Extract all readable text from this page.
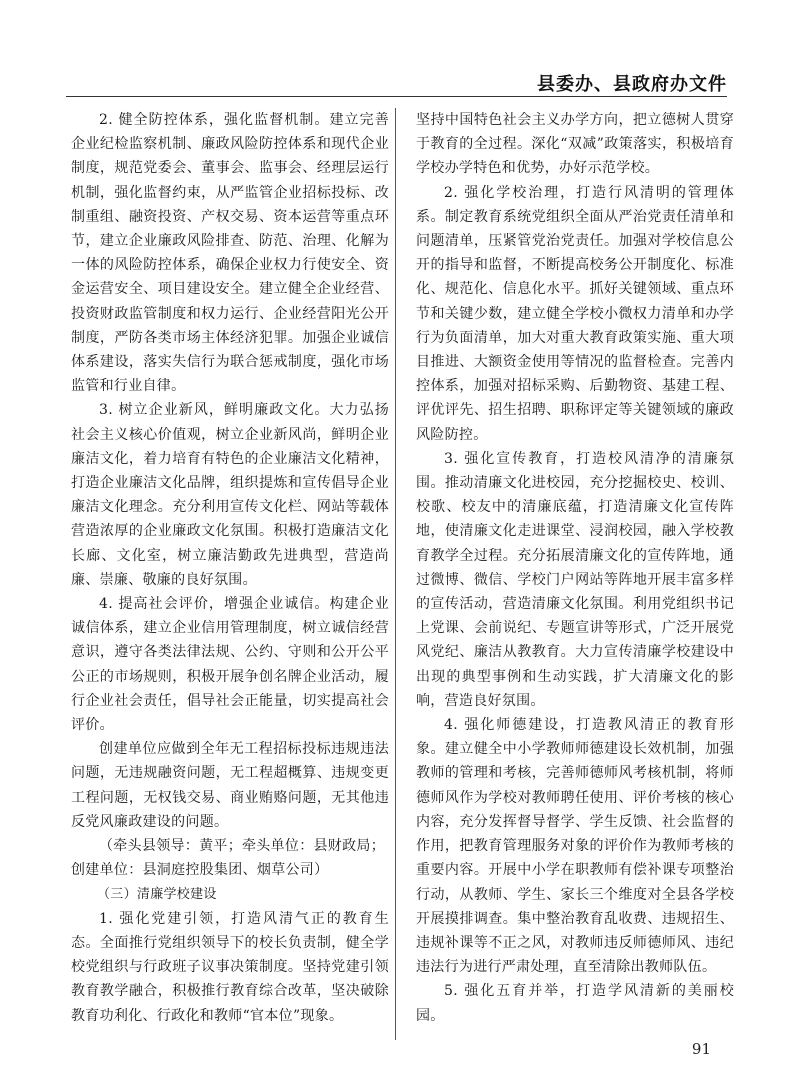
县委办、县政府办文件

2. 健全防控体系，强化监督机制。建立完善企业纪检监察机制、廉政风险防控体系和现代企业制度，规范党委会、董事会、监事会、经理层运行机制，强化监督约束，从严监管企业招标投标、改制重组、融资投资、产权交易、资本运营等重点环节，建立企业廉政风险排查、防范、治理、化解为一体的风险防控体系，确保企业权力行使安全、资金运营安全、项目建设安全。建立健全企业经营、投资财政监管制度和权力运行、企业经营阳光公开制度，严防各类市场主体经济犯罪。加强企业诚信体系建设，落实失信行为联合惩戒制度，强化市场监管和行业自律。

3. 树立企业新风，鲜明廉政文化。大力弘扬社会主义核心价值观，树立企业新风尚，鲜明企业廉洁文化，着力培育有特色的企业廉洁文化精神，打造企业廉洁文化品牌，组织提炼和宣传倡导企业廉洁文化理念。充分利用宣传文化栏、网站等载体营造浓厚的企业廉政文化氛围。积极打造廉洁文化长廊、文化室，树立廉洁勤政先进典型，营造尚廉、崇廉、敬廉的良好氛围。

4. 提高社会评价，增强企业诚信。构建企业诚信体系，建立企业信用管理制度，树立诚信经营意识，遵守各类法律法规、公约、守则和公开公平公正的市场规则，积极开展争创名牌企业活动，履行企业社会责任，倡导社会正能量，切实提高社会评价。

创建单位应做到全年无工程招标投标违规违法问题，无违规融资问题，无工程超概算、违规变更工程问题，无权钱交易、商业贿赂问题，无其他违反党风廉政建设的问题。

（牵头县领导：黄平；牵头单位：县财政局；

创建单位：县洞庭控股集团、烟草公司）

（三）清廉学校建设

1. 强化党建引领，打造风清气正的教育生态。全面推行党组织领导下的校长负责制，健全学校党组织与行政班子议事决策制度。坚持党建引领教育教学融合，积极推行教育综合改革，坚决破除教育功利化、行政化和教师“官本位”现象。

坚持中国特色社会主义办学方向，把立德树人贯穿于教育的全过程。深化“双减”政策落实，积极培育学校办学特色和优势，办好示范学校。

2. 强化学校治理，打造行风清明的管理体系。制定教育系统党组织全面从严治党责任清单和问题清单，压紧管党治党责任。加强对学校信息公开的指导和监督，不断提高校务公开制度化、标准化、规范化、信息化水平。抓好关键领域、重点环节和关键少数，建立健全学校小微权力清单和办学行为负面清单，加大对重大教育政策实施、重大项目推进、大额资金使用等情况的监督检查。完善内控体系，加强对招标采购、后勤物资、基建工程、评优评先、招生招聘、职称评定等关键领域的廉政风险防控。

3. 强化宣传教育，打造校风清净的清廉氛围。推动清廉文化进校园，充分挖掘校史、校训、校歌、校友中的清廉底蕴，打造清廉文化宣传阵地，使清廉文化走进课堂、浸润校园，融入学校教育教学全过程。充分拓展清廉文化的宣传阵地，通过微博、微信、学校门户网站等阵地开展丰富多样的宣传活动，营造清廉文化氛围。利用党组织书记上党课、会前说纪、专题宣讲等形式，广泛开展党风党纪、廉洁从教教育。大力宣传清廉学校建设中出现的典型事例和生动实践，扩大清廉文化的影响，营造良好氛围。

4. 强化师德建设，打造教风清正的教育形象。建立健全中小学教师师德建设长效机制，加强教师的管理和考核，完善师德师风考核机制，将师德师风作为学校对教师聘任使用、评价考核的核心内容，充分发挥督导督学、学生反馈、社会监督的作用，把教育管理服务对象的评价作为教师考核的重要内容。开展中小学在职教师有偿补课专项整治行动，从教师、学生、家长三个维度对全县各学校开展摸排调查。集中整治教育乱收费、违规招生、违规补课等不正之风，对教师违反师德师风、违纪违法行为进行严肃处理，直至清除出教师队伍。

5. 强化五育并举，打造学风清新的美丽校园。

91
